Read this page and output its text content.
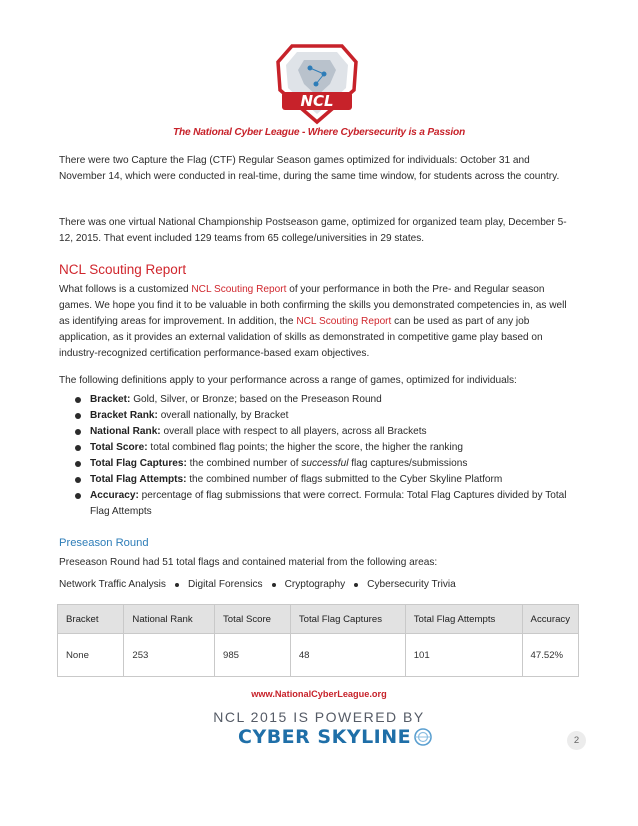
NCL
The National Cyber League - Where Cybersecurity is a Passion

There were two Capture the Flag (CTF) Regular Season games optimized for individuals: October 31 and November 14, which were conducted in real-time, during the same time window, for students across the country.

There was one virtual National Championship Postseason game, optimized for organized team play, December 5-12, 2015. That event included 129 teams from 65 college/universities in 29 states.

NCL Scouting Report

What follows is a customized NCL Scouting Report of your performance in both the Pre- and Regular season games. We hope you find it to be valuable in both confirming the skills you demonstrated competencies in, as well as identifying areas for improvement. In addition, the NCL Scouting Report can be used as part of any job application, as it provides an external validation of skills as demonstrated in competitive game play based on industry-recognized certification performance-based exam objectives.

The following definitions apply to your performance across a range of games, optimized for individuals:

Bracket: Gold, Silver, or Bronze; based on the Preseason Round
Bracket Rank: overall nationally, by Bracket
National Rank: overall place with respect to all players, across all Brackets
Total Score: total combined flag points; the higher the score, the higher the ranking
Total Flag Captures: the combined number of successful flag captures/submissions
Total Flag Attempts: the combined number of flags submitted to the Cyber Skyline Platform
Accuracy: percentage of flag submissions that were correct. Formula: Total Flag Captures divided by Total Flag Attempts
Preseason Round

Preseason Round had 51 total flags and contained material from the following areas:

Network Traffic Analysis Digital Forensics Cryptography Cybersecurity Trivia
Bracket	National Rank	Total Score	Total Flag Captures	Total Flag Attempts	Accuracy
None	253	985	48	101	47.52%
www.NationalCyberLeague.org
NCL 2015 IS POWERED BY
CYBER SKYLINE	2
